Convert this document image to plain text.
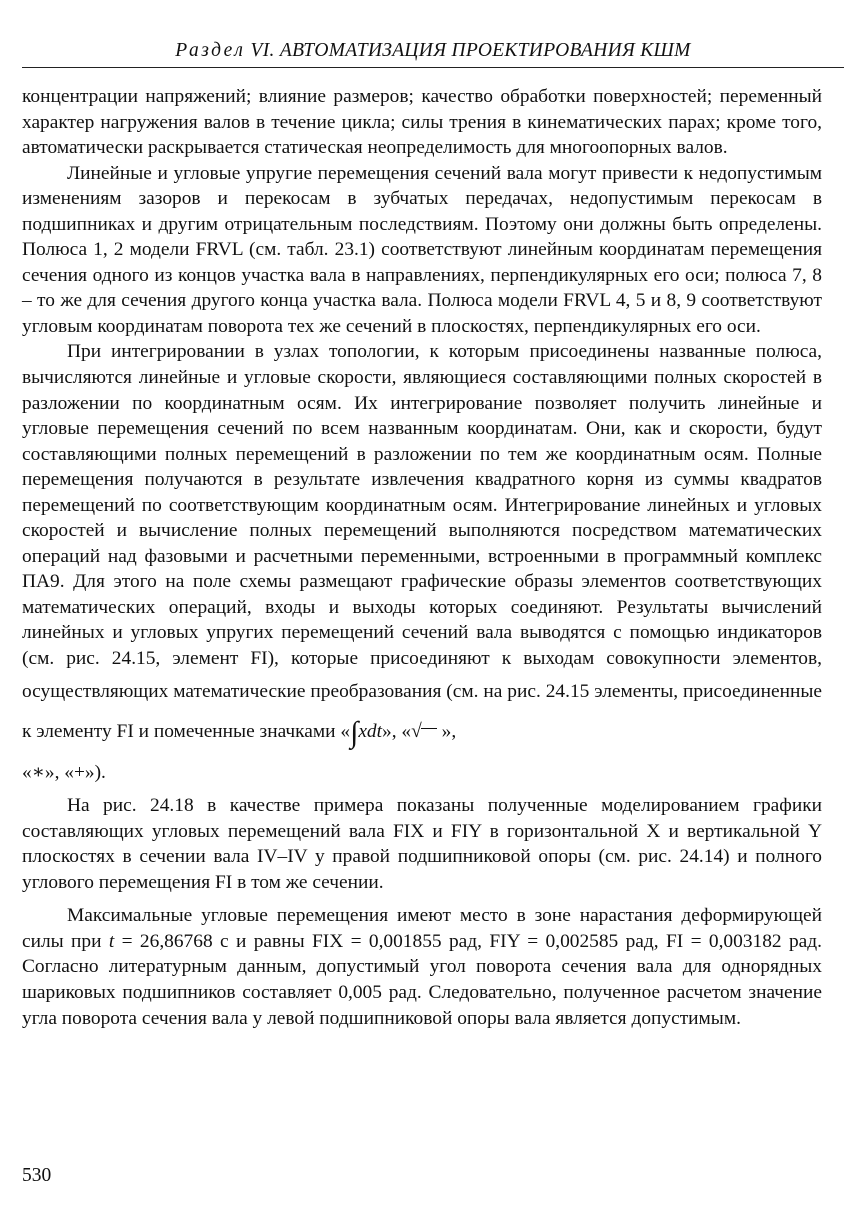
Раздел VI. АВТОМАТИЗАЦИЯ ПРОЕКТИРОВАНИЯ КШМ

концентрации напряжений; влияние размеров; качество обработки поверхностей; переменный характер нагружения валов в течение цикла; силы трения в кинематических парах; кроме того, автоматически раскрывается статическая неопределимость для многоопорных валов.

Линейные и угловые упругие перемещения сечений вала могут привести к недопустимым изменениям зазоров и перекосам в зубчатых передачах, недопустимым перекосам в подшипниках и другим отрицательным последствиям. Поэтому они должны быть определены. Полюса 1, 2 модели FRVL (см. табл. 23.1) соответствуют линейным координатам перемещения сечения одного из концов участка вала в направлениях, перпендикулярных его оси; полюса 7, 8 – то же для сечения другого конца участка вала. Полюса модели FRVL 4, 5 и 8, 9 соответствуют угловым координатам поворота тех же сечений в плоскостях, перпендикулярных его оси.

При интегрировании в узлах топологии, к которым присоединены названные полюса, вычисляются линейные и угловые скорости, являющиеся составляющими полных скоростей в разложении по координатным осям. Их интегрирование позволяет получить линейные и угловые перемещения сечений по всем названным координатам. Они, как и скорости, будут составляющими полных перемещений в разложении по тем же координатным осям. Полные перемещения получаются в результате извлечения квадратного корня из суммы квадратов перемещений по соответствующим координатным осям. Интегрирование линейных и угловых скоростей и вычисление полных перемещений выполняются посредством математических операций над фазовыми и расчетными переменными, встроенными в программный комплекс ПА9. Для этого на поле схемы размещают графические образы элементов соответствующих математических операций, входы и выходы которых соединяют. Результаты вычислений линейных и угловых упругих перемещений сечений вала выводятся с помощью индикаторов (см. рис. 24.15, элемент FI), которые присоединяют к выходам совокупности элементов, осуществляющих математические преобразования (см. на рис. 24.15 элементы, присоединенные к элементу FI и помеченные значками «∫xdt», «√ »,

«∗», «+»).

На рис. 24.18 в качестве примера показаны полученные моделированием графики составляющих угловых перемещений вала FIX и FIY в горизонтальной X и вертикальной Y плоскостях в сечении вала IV–IV у правой подшипниковой опоры (см. рис. 24.14) и полного углового перемещения FI в том же сечении.

Максимальные угловые перемещения имеют место в зоне нарастания деформирующей силы при t = 26,86768 с и равны FIX = 0,001855 рад, FIY = 0,002585 рад, FI = 0,003182 рад. Согласно литературным данным, допустимый угол поворота сечения вала для однорядных шариковых подшипников составляет 0,005 рад. Следовательно, полученное расчетом значение угла поворота сечения вала у левой подшипниковой опоры вала является допустимым.

530
